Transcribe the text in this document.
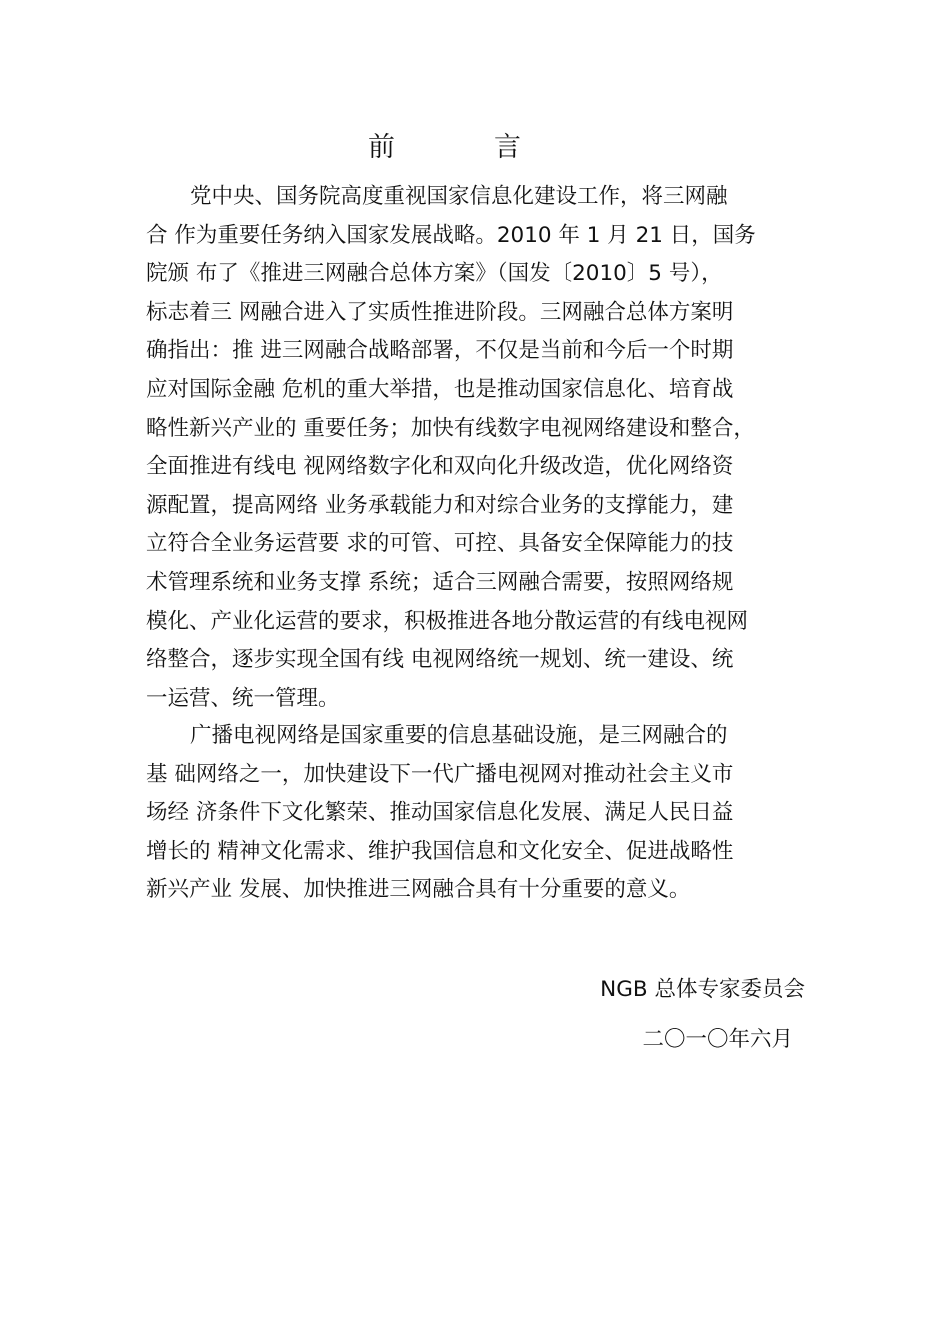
前　言
党中央、国务院高度重视国家信息化建设工作，将三网融
合 作为重要任务纳入国家发展战略。2010 年 1 月 21 日，国务
院颁 布了《推进三网融合总体方案》（国发〔2010〕5 号），
标志着三 网融合进入了实质性推进阶段。三网融合总体方案明
确指出：推 进三网融合战略部署，不仅是当前和今后一个时期
应对国际金融 危机的重大举措，也是推动国家信息化、培育战
略性新兴产业的 重要任务；加快有线数字电视网络建设和整合，
全面推进有线电 视网络数字化和双向化升级改造，优化网络资
源配置，提高网络 业务承载能力和对综合业务的支撑能力，建
立符合全业务运营要 求的可管、可控、具备安全保障能力的技
术管理系统和业务支撑 系统；适合三网融合需要，按照网络规
模化、产业化运营的要求，积极推进各地分散运营的有线电视网
络整合，逐步实现全国有线 电视网络统一规划、统一建设、统
一运营、统一管理。
广播电视网络是国家重要的信息基础设施，是三网融合的
基 础网络之一，加快建设下一代广播电视网对推动社会主义市
场经 济条件下文化繁荣、推动国家信息化发展、满足人民日益
增长的 精神文化需求、维护我国信息和文化安全、促进战略性
新兴产业 发展、加快推进三网融合具有十分重要的意义。
NGB 总体专家委员会
二〇一〇年六月
